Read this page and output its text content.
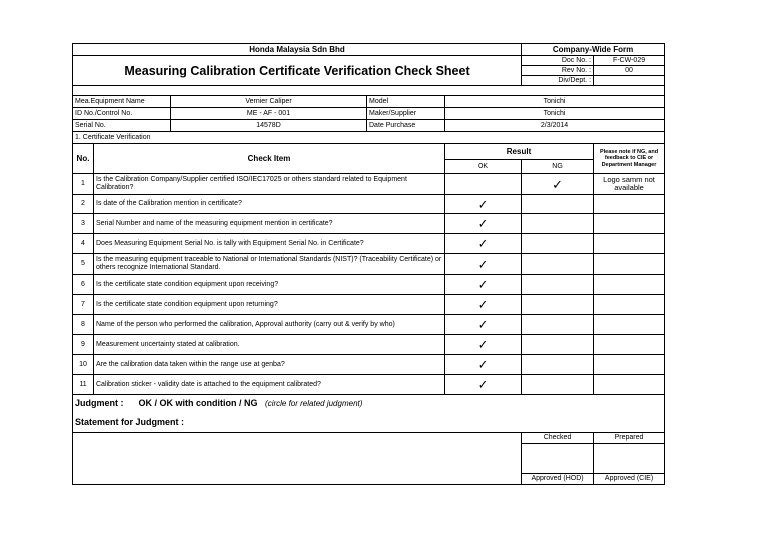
Honda Malaysia Sdn Bhd					Company-Wide Form	
Measuring Calibration Certificate Verification Check Sheet					Doc No. :	F-CW-029
					Rev No. :	00
					Div/Dept. :	

Mea.Equipment Name		Vernier Caliper	Model	Tonichi		
ID No./Control No.		ME - AF - 001	Maker/Supplier	Tonichi		
Serial No.		14578D	Date Purchase	2/3/2014		
1. Certificate Verification						
No.	Check Item			Result		Please note if NG, and feedback to CIE or Department Manager
				OK	NG	
1	Is the Calibration Company/Supplier certified ISO/IEC17025 or others standard related to Equipment Calibration?				✓	Logo samm not available
2	Is date of the Calibration mention in certificate?			✓		
3	Serial Number and name of the measuring equipment mention in certificate?			✓		
4	Does Measuring Equipment Serial No. is tally with Equipment Serial No. in Certificate?			✓		
5	Is the measuring equipment traceable to National or International Standards (NIST)? (Traceability Certificate) or others recognize International Standard.			✓		
6	Is the certificate state condition equipment upon receiving?			✓		
7	Is the certificate state condition equipment upon returning?			✓		
8	Name of the person who performed the calibration, Approval authority (carry out & verify by who)			✓		
9	Measurement uncertainty stated at calibration.			✓		
10	Are the calibration data taken within the range use at genba?			✓		
11	Calibration sticker - validity date is attached to the equipment calibrated?			✓		
Judgment : OK / OK with condition / NG (circle for related judgment)						
Statement for Judgment :						
					Checked	Prepared

					Approved (HOD)	Approved (CIE)
